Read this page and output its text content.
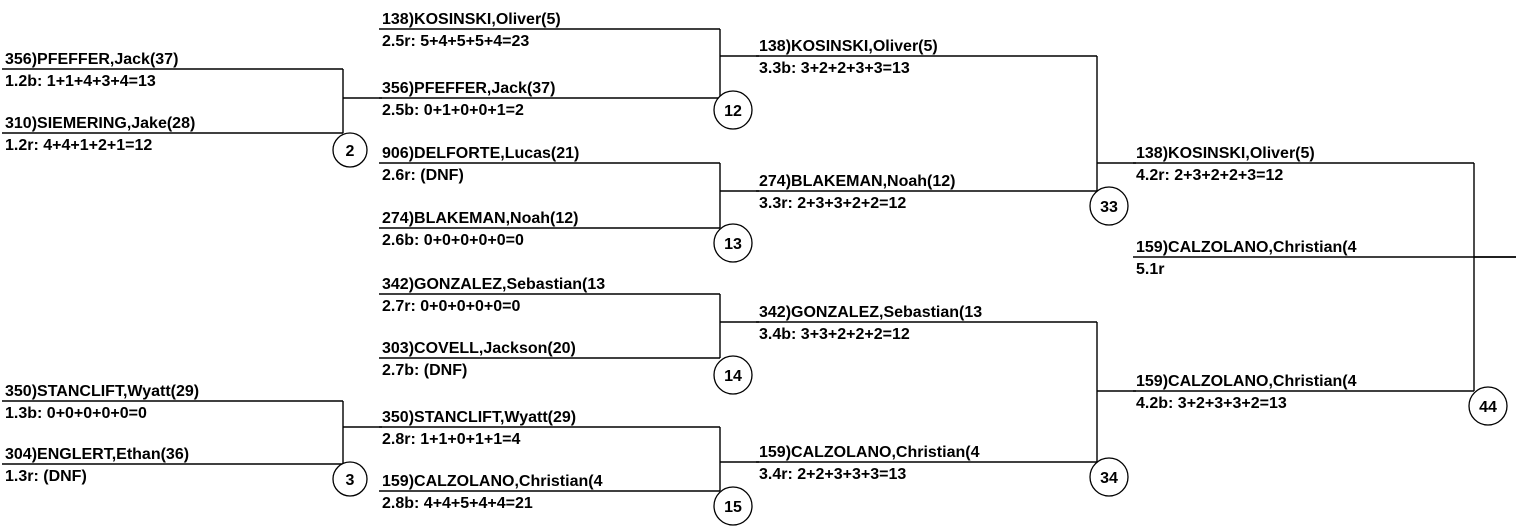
356)PFEFFER,Jack(37)
1.2b: 1+1+4+3+4=13
310)SIEMERING,Jake(28)
1.2r: 4+4+1+2+1=12
350)STANCLIFT,Wyatt(29)
1.3b: 0+0+0+0+0=0
304)ENGLERT,Ethan(36)
1.3r: (DNF)
138)KOSINSKI,Oliver(5)
2.5r: 5+4+5+5+4=23
356)PFEFFER,Jack(37)
2.5b: 0+1+0+0+1=2
906)DELFORTE,Lucas(21)
2.6r: (DNF)
274)BLAKEMAN,Noah(12)
2.6b: 0+0+0+0+0=0
342)GONZALEZ,Sebastian(13
2.7r: 0+0+0+0+0=0
303)COVELL,Jackson(20)
2.7b: (DNF)
350)STANCLIFT,Wyatt(29)
2.8r: 1+1+0+1+1=4
159)CALZOLANO,Christian(4
2.8b: 4+4+5+4+4=21
138)KOSINSKI,Oliver(5)
3.3b: 3+2+2+3+3=13
274)BLAKEMAN,Noah(12)
3.3r: 2+3+3+2+2=12
342)GONZALEZ,Sebastian(13
3.4b: 3+3+2+2+2=12
159)CALZOLANO,Christian(4
3.4r: 2+2+3+3+3=13
138)KOSINSKI,Oliver(5)
4.2r: 2+3+2+2+3=12
159)CALZOLANO,Christian(4
4.2b: 3+2+3+3+2=13
159)CALZOLANO,Christian(4
5.1r
2
3
12
13
14
15
33
34
44
